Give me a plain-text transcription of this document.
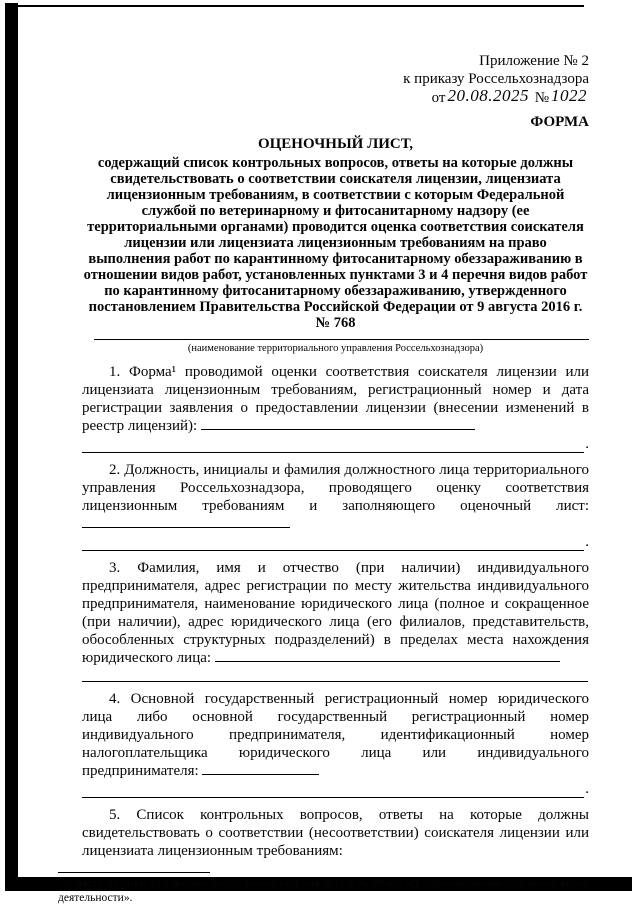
Приложение № 2
к приказу Россельхознадзора
от 20.08.2025 № 1022
ФОРМА
ОЦЕНОЧНЫЙ ЛИСТ,
содержащий список контрольных вопросов, ответы на которые должны свидетельствовать о соответствии соискателя лицензии, лицензиата лицензионным требованиям, в соответствии с которым Федеральной службой по ветеринарному и фитосанитарному надзору (ее территориальными органами) проводится оценка соответствия соискателя лицензии или лицензиата лицензионным требованиям на право выполнения работ по карантинному фитосанитарному обеззараживанию в отношении видов работ, установленных пунктами 3 и 4 перечня видов работ по карантинному фитосанитарному обеззараживанию, утвержденного постановлением Правительства Российской Федерации от 9 августа 2016 г. № 768
(наименование территориального управления Россельхознадзора)
1. Форма¹ проводимой оценки соответствия соискателя лицензии или лицензиата лицензионным требованиям, регистрационный номер и дата регистрации заявления о предоставлении лицензии (внесении изменений в реестр лицензий):
.
2. Должность, инициалы и фамилия должностного лица территориального управления Россельхознадзора, проводящего оценку соответствия лицензионным требованиям и заполняющего оценочный лист:
.
3. Фамилия, имя и отчество (при наличии) индивидуального предпринимателя, адрес регистрации по месту жительства индивидуального предпринимателя, наименование юридического лица (полное и сокращенное (при наличии), адрес юридического лица (его филиалов, представительств, обособленных структурных подразделений) в пределах места нахождения юридического лица:
4. Основной государственный регистрационный номер юридического лица либо основной государственный регистрационный номер индивидуального предпринимателя, идентификационный номер налогоплательщика юридического лица или индивидуального предпринимателя:
.
5. Список контрольных вопросов, ответы на которые должны свидетельствовать о соответствии (несоответствии) соискателя лицензии или лицензиата лицензионным требованиям:
¹ Часть 3 статьи 19.1 Федерального закона от 4 мая 2011 г. № 99-ФЗ «О лицензировании отдельных видов деятельности».
